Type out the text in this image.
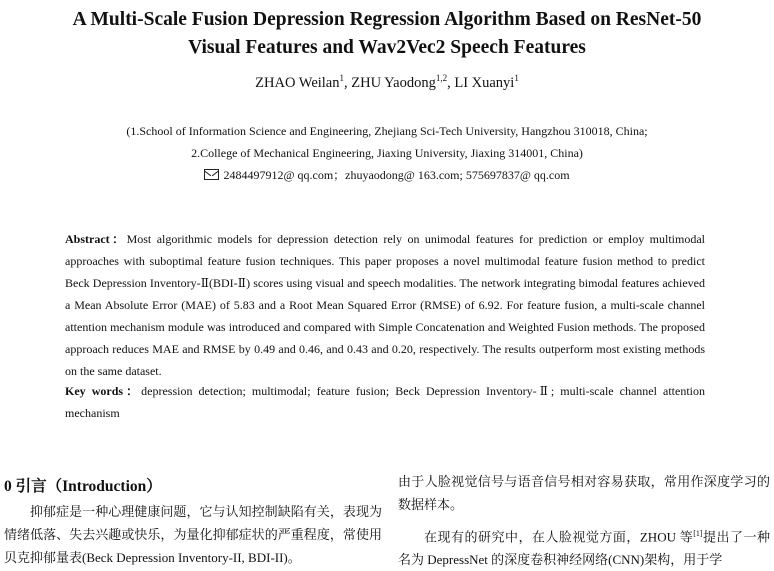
A Multi-Scale Fusion Depression Regression Algorithm Based on ResNet-50
Visual Features and Wav2Vec2 Speech Features
ZHAO Weilan$^1$, ZHU Yaodong$^{1,2}$, LI Xuanyi$^1$
(1.School of Information Science and Engineering, Zhejiang Sci-Tech University, Hangzhou 310018, China;
2.College of Mechanical Engineering, Jiaxing University, Jiaxing 314001, China)
2484497912@ qq.com；zhuyaodong@ 163.com; 575697837@ qq.com
Abstract：Most algorithmic models for depression detection rely on unimodal features for prediction or employ multimodal approaches with suboptimal feature fusion techniques. This paper proposes a novel multimodal feature fusion method to predict Beck Depression Inventory-Ⅱ(BDI-Ⅱ) scores using visual and speech modalities. The network integrating bimodal features achieved a Mean Absolute Error (MAE) of 5.83 and a Root Mean Squared Error (RMSE) of 6.92. For feature fusion, a multi-scale channel attention mechanism module was introduced and compared with Simple Concatenation and Weighted Fusion methods. The proposed approach reduces MAE and RMSE by 0.49 and 0.46, and 0.43 and 0.20, respectively. The results outperform most existing methods on the same dataset.
Key words：depression detection; multimodal; feature fusion; Beck Depression Inventory-Ⅱ; multi-scale channel attention mechanism
0 引言（Introduction）

抑郁症是一种心理健康问题，它与认知控制缺陷有关，表现为情绪低落、失去兴趣或快乐，为量化抑郁症状的严重程度，常使用贝克抑郁量表(Beck Depression Inventory-II, BDI-II)。

由于人脸视觉信号与语音信号相对容易获取，常用作深度学习的数据样本。

在现有的研究中，在人脸视觉方面，ZHOU 等[1]提出了一种名为 DepressNet 的深度卷积神经网络(CNN)架构，用于学
